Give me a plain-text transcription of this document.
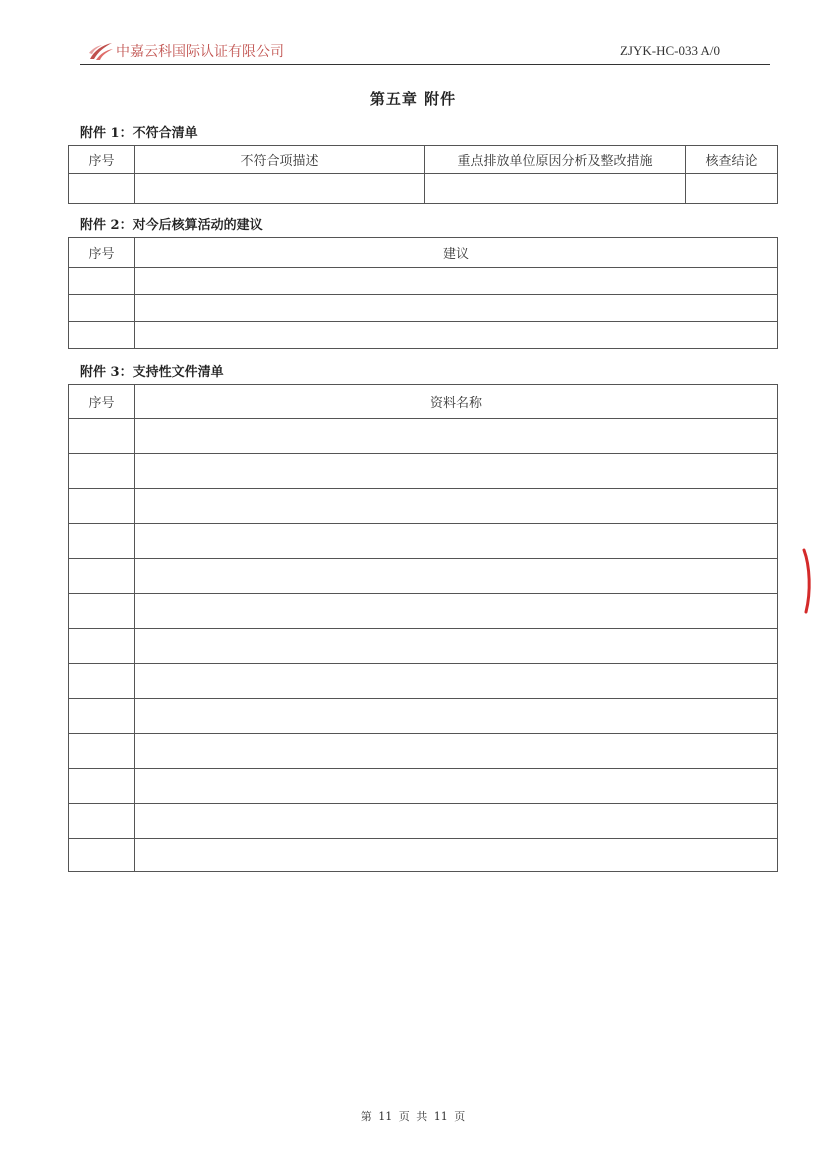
中嘉云科国际认证有限公司	ZJYK-HC-033 A/0
第五章 附件
附件 1：不符合清单
序号	不符合项描述	重点排放单位原因分析及整改措施	核查结论

附件 2：对今后核算活动的建议
序号	建议

附件 3：支持性文件清单
序号	资料名称

第 11 页 共 11 页
